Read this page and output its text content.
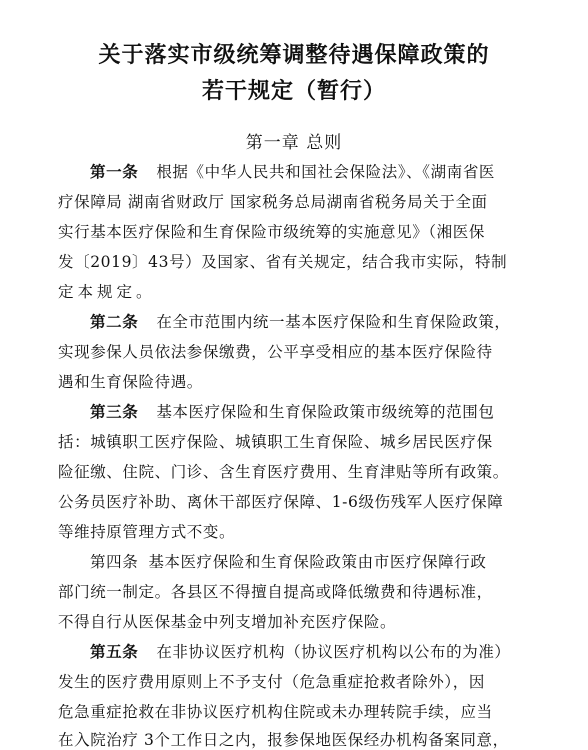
关于落实市级统筹调整待遇保障政策的
若干规定（暂行）
第一章 总则
第一条 根据《中华人民共和国社会保险法》、《湖南省医
疗保障局 湖南省财政厅 国家税务总局湖南省税务局关于全面
实行基本医疗保险和生育保险市级统筹的实施意见》（湘医保
发〔2019〕43号）及国家、省有关规定，结合我市实际，特制
定本规定。
第二条 在全市范围内统一基本医疗保险和生育保险政策，
实现参保人员依法参保缴费，公平享受相应的基本医疗保险待
遇和生育保险待遇。
第三条 基本医疗保险和生育保险政策市级统筹的范围包
括：城镇职工医疗保险、城镇职工生育保险、城乡居民医疗保
险征缴、住院、门诊、含生育医疗费用、生育津贴等所有政策。
公务员医疗补助、离休干部医疗保障、1-6级伤残军人医疗保障
等维持原管理方式不变。
第四条 基本医疗保险和生育保险政策由市医疗保障行政
部门统一制定。各县区不得擅自提高或降低缴费和待遇标准，
不得自行从医保基金中列支增加补充医疗保险。
第五条 在非协议医疗机构（协议医疗机构以公布的为准）
发生的医疗费用原则上不予支付（危急重症抢救者除外），因
危急重症抢救在非协议医疗机构住院或未办理转院手续，应当
在入院治疗 3个工作日之内，报参保地医保经办机构备案同意，
